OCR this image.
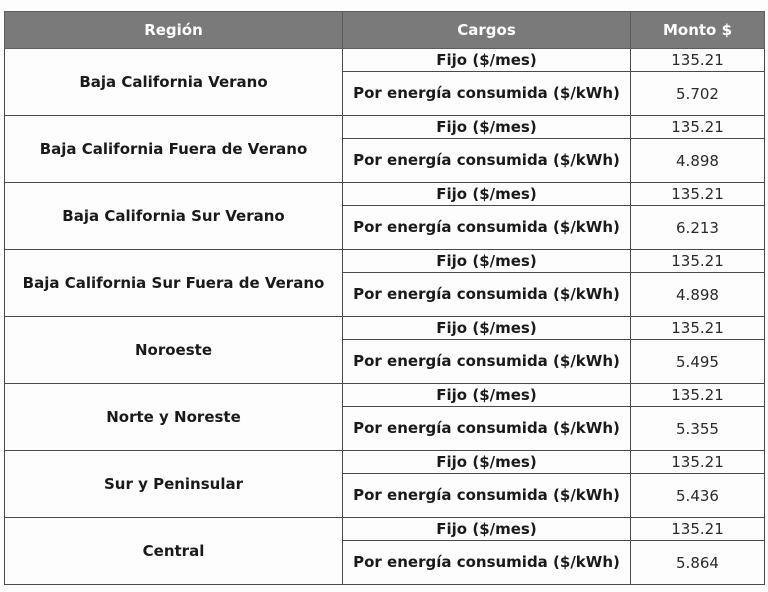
Región	Cargos	Monto $
Baja California Verano	Fijo ($/mes)	135.21
	Por energía consumida ($/kWh)	5.702
Baja California Fuera de Verano	Fijo ($/mes)	135.21
	Por energía consumida ($/kWh)	4.898
Baja California Sur Verano	Fijo ($/mes)	135.21
	Por energía consumida ($/kWh)	6.213
Baja California Sur Fuera de Verano	Fijo ($/mes)	135.21
	Por energía consumida ($/kWh)	4.898
Noroeste	Fijo ($/mes)	135.21
	Por energía consumida ($/kWh)	5.495
Norte y Noreste	Fijo ($/mes)	135.21
	Por energía consumida ($/kWh)	5.355
Sur y Peninsular	Fijo ($/mes)	135.21
	Por energía consumida ($/kWh)	5.436
Central	Fijo ($/mes)	135.21
	Por energía consumida ($/kWh)	5.864
